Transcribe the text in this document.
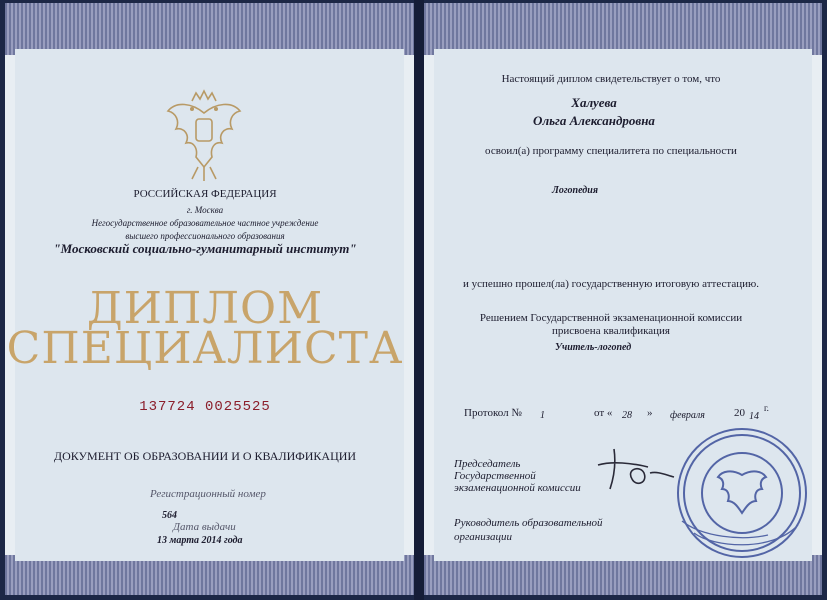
РОССИЙСКАЯ ФЕДЕРАЦИЯ
г. Москва
Негосударственное образовательное частное учреждение
высшего профессионального образования
"Московский социально-гуманитарный институт"
ДИПЛОМ
СПЕЦИАЛИСТА
137724 0025525
ДОКУМЕНТ ОБ ОБРАЗОВАНИИ И О КВАЛИФИКАЦИИ
Регистрационный номер
564
Дата выдачи
13 марта 2014 года
Настоящий диплом свидетельствует о том, что
Халуева
Ольга Александровна
освоил(а) программу специалитета по специальности
Логопедия
и успешно прошел(ла) государственную итоговую аттестацию.
Решением Государственной экзаменационной комиссии
присвоена квалификация
Учитель-логопед
Протокол № 1	от « 28 » февраля	20 14
г.
Председатель
Государственной
экзаменационной комиссии
Руководитель образовательной
организации
